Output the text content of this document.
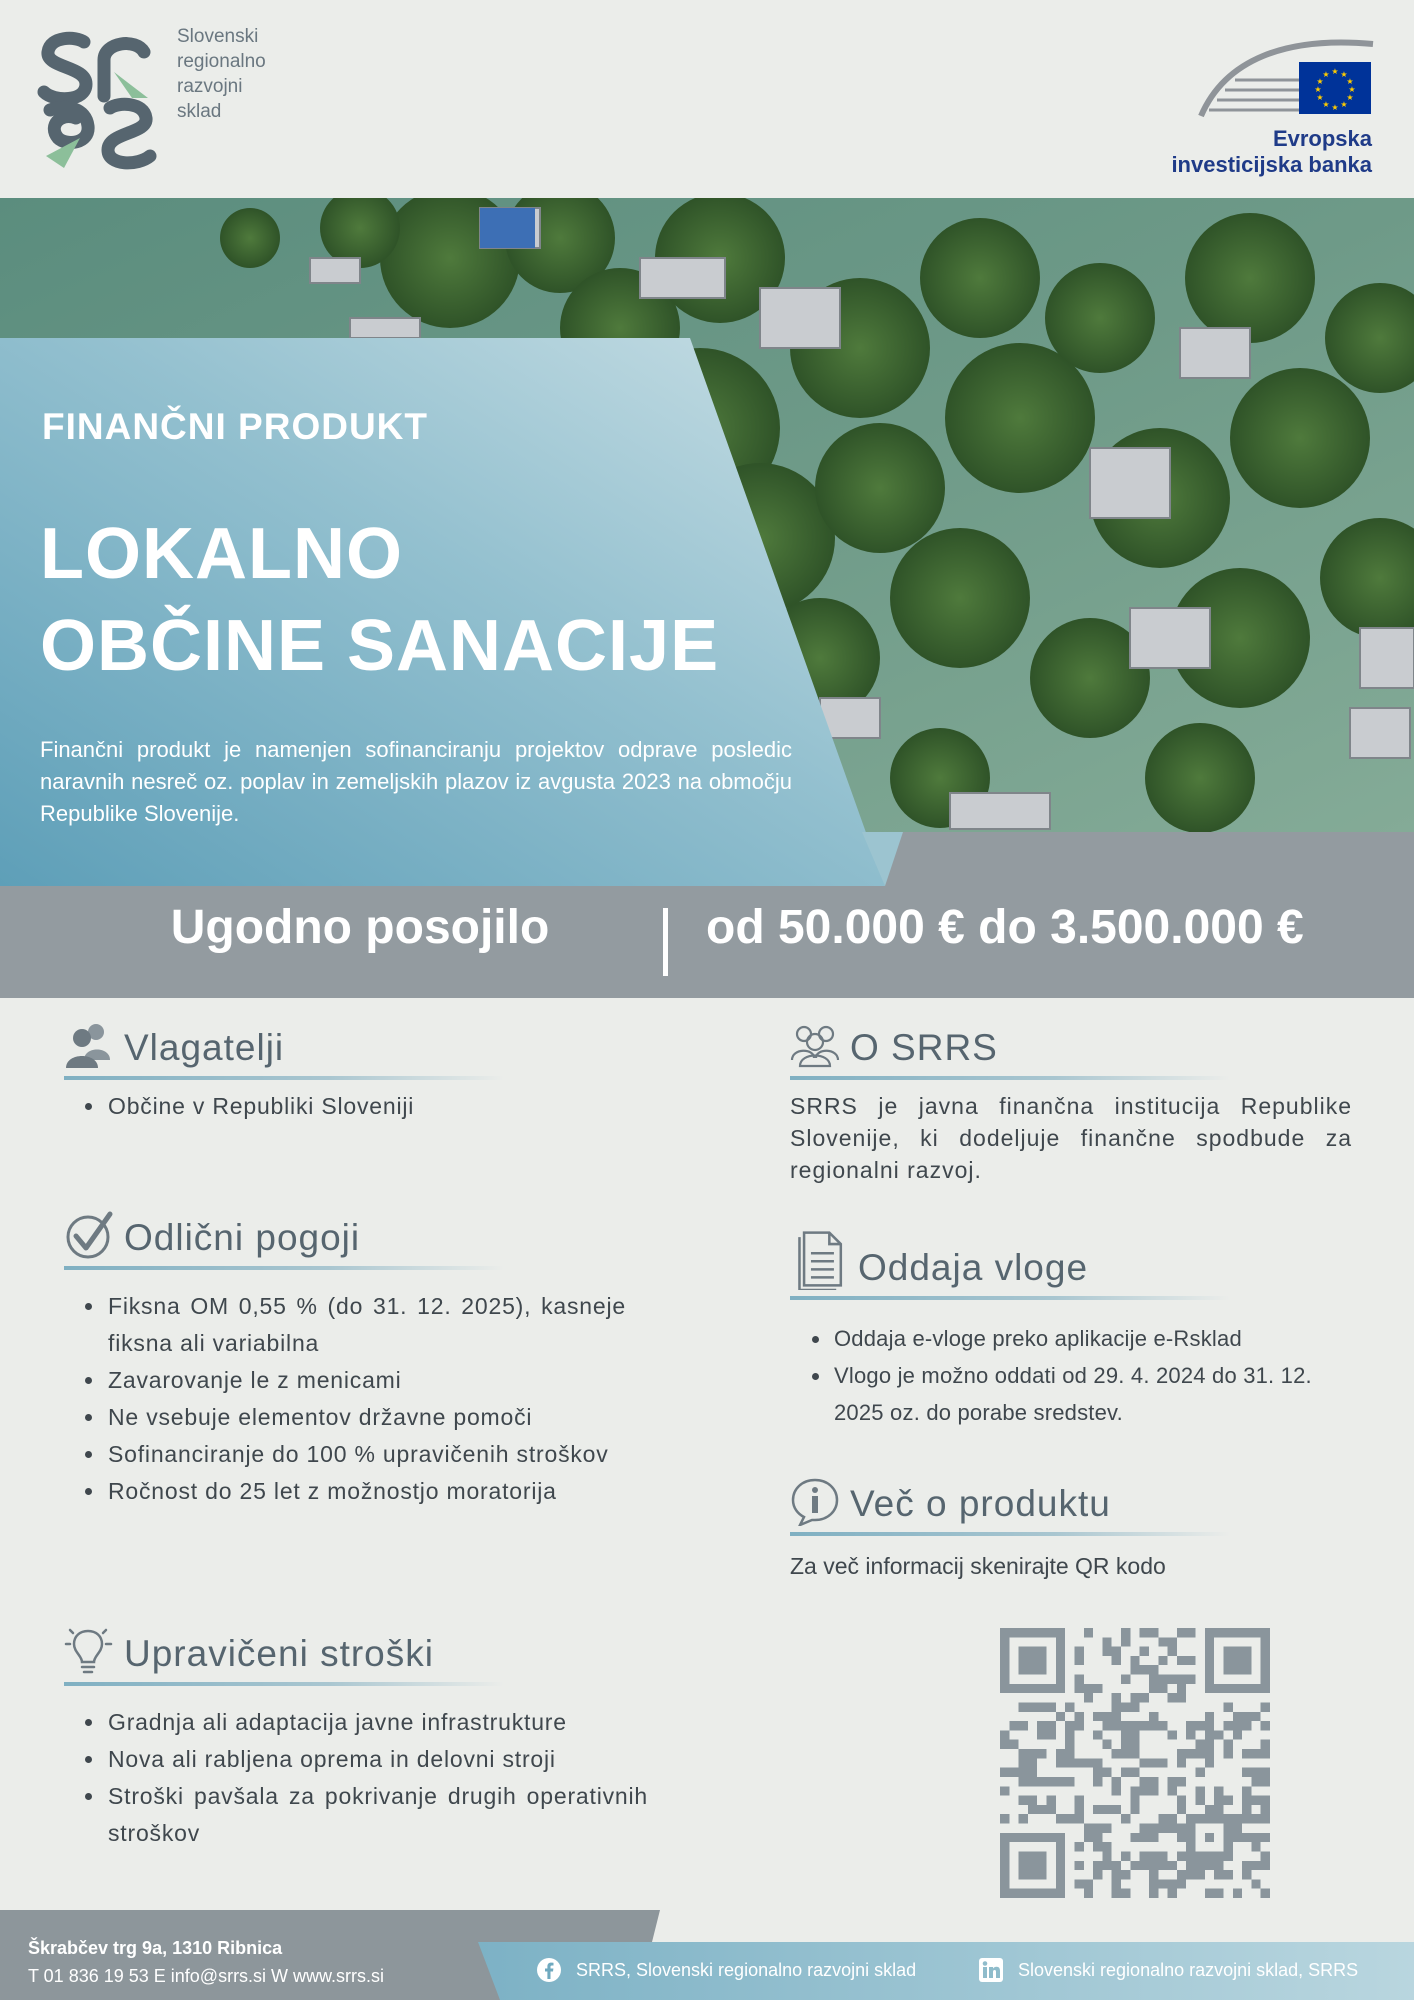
Slovenski
regionalno
razvojni
sklad
★ ★
★
★
★
★
★
★
★
★
★
★
Evropska
investicijska banka
FINANČNI PRODUKT
LOKALNO
OBČINE SANACIJE
Finančni produkt je namenjen sofinanciranju projektov odprave posledic naravnih nesreč oz. poplav in zemeljskih plazov iz avgusta 2023 na območju Republike Slovenije.
Ugodno posojilo	od 50.000 € do 3.500.000 €
Vlagatelji
• Občine v Republiki Sloveniji
Odlični pogoji
• Fiksna OM 0,55 % (do 31. 12. 2025), kasneje fiksna ali variabilna
• Zavarovanje le z menicami
• Ne vsebuje elementov državne pomoči
• Sofinanciranje do 100 % upravičenih stroškov
• Ročnost do 25 let z možnostjo moratorija
Upravičeni stroški
• Gradnja ali adaptacija javne infrastrukture
• Nova ali rabljena oprema in delovni stroji
• Stroški pavšala za pokrivanje drugih operativnih stroškov
O SRRS
SRRS je javna finančna institucija Republike Slovenije, ki dodeljuje finančne spodbude za regionalni razvoj.
Oddaja vloge
• Oddaja e-vloge preko aplikacije e-Rsklad
• Vlogo je možno oddati od 29. 4. 2024 do 31. 12. 2025 oz. do porabe sredstev.
Več o produktu
Za več informacij skenirajte QR kodo
Škrabčev trg 9a, 1310 Ribnica
T 01 836 19 53 E info@srrs.si W www.srrs.si	SRRS, Slovenski regionalno razvojni sklad	Slovenski regionalno razvojni sklad, SRRS
